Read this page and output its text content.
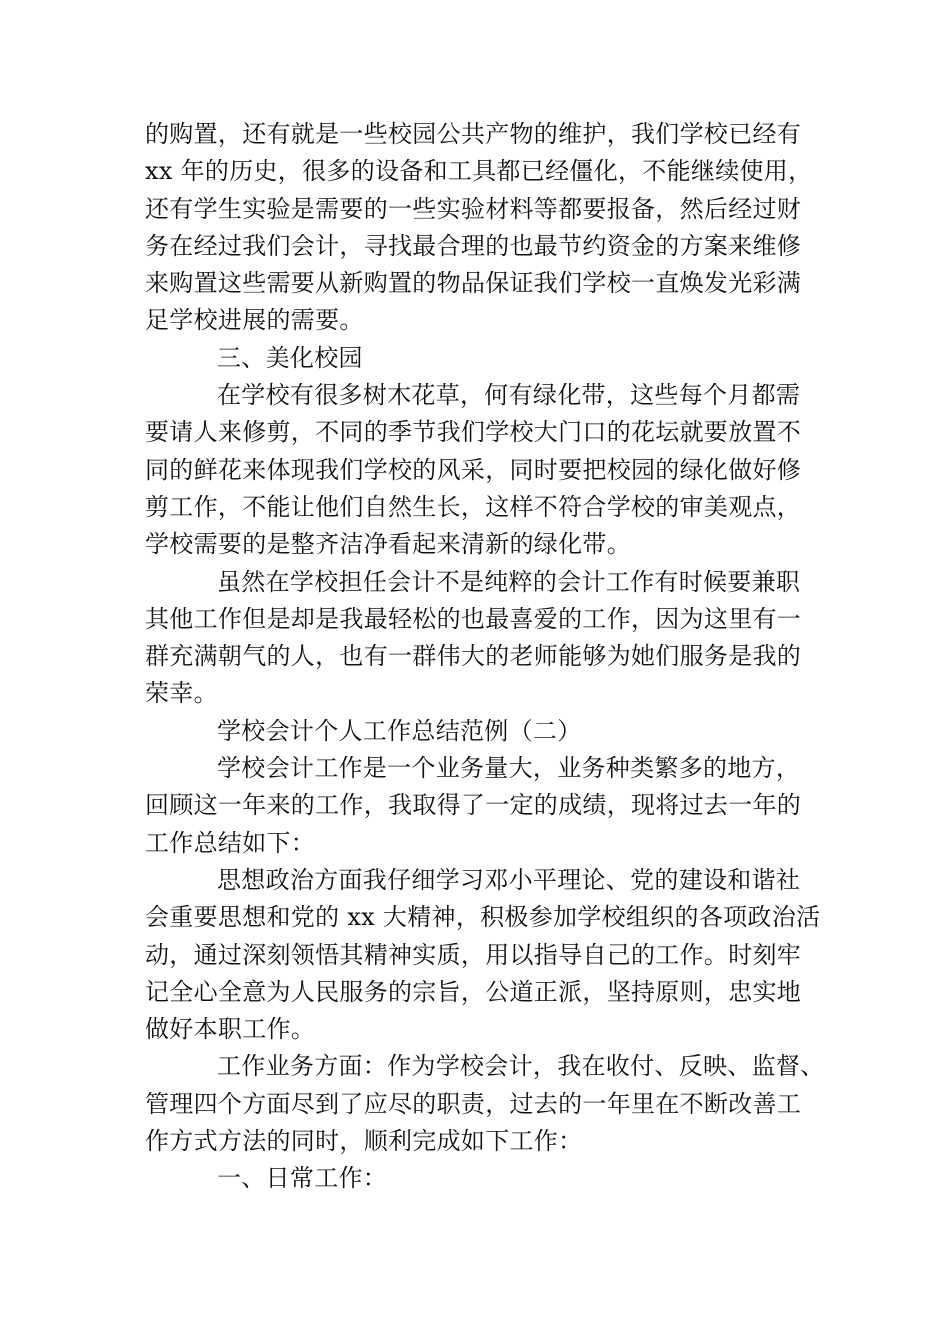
的购置，还有就是一些校园公共产物的维护，我们学校已经有
xx 年的历史，很多的设备和工具都已经僵化，不能继续使用，
还有学生实验是需要的一些实验材料等都要报备，然后经过财
务在经过我们会计，寻找最合理的也最节约资金的方案来维修
来购置这些需要从新购置的物品保证我们学校一直焕发光彩满
足学校进展的需要。
三、美化校园
在学校有很多树木花草，何有绿化带，这些每个月都需
要请人来修剪，不同的季节我们学校大门口的花坛就要放置不
同的鲜花来体现我们学校的风采，同时要把校园的绿化做好修
剪工作，不能让他们自然生长，这样不符合学校的审美观点，
学校需要的是整齐洁净看起来清新的绿化带。
虽然在学校担任会计不是纯粹的会计工作有时候要兼职
其他工作但是却是我最轻松的也最喜爱的工作，因为这里有一
群充满朝气的人，也有一群伟大的老师能够为她们服务是我的
荣幸。
学校会计个人工作总结范例（二）
学校会计工作是一个业务量大，业务种类繁多的地方，
回顾这一年来的工作，我取得了一定的成绩，现将过去一年的
工作总结如下：
思想政治方面我仔细学习邓小平理论、党的建设和谐社
会重要思想和党的 xx 大精神，积极参加学校组织的各项政治活
动，通过深刻领悟其精神实质，用以指导自己的工作。时刻牢
记全心全意为人民服务的宗旨，公道正派，坚持原则，忠实地
做好本职工作。
工作业务方面：作为学校会计，我在收付、反映、监督、
管理四个方面尽到了应尽的职责，过去的一年里在不断改善工
作方式方法的同时，顺利完成如下工作：
一、日常工作：
